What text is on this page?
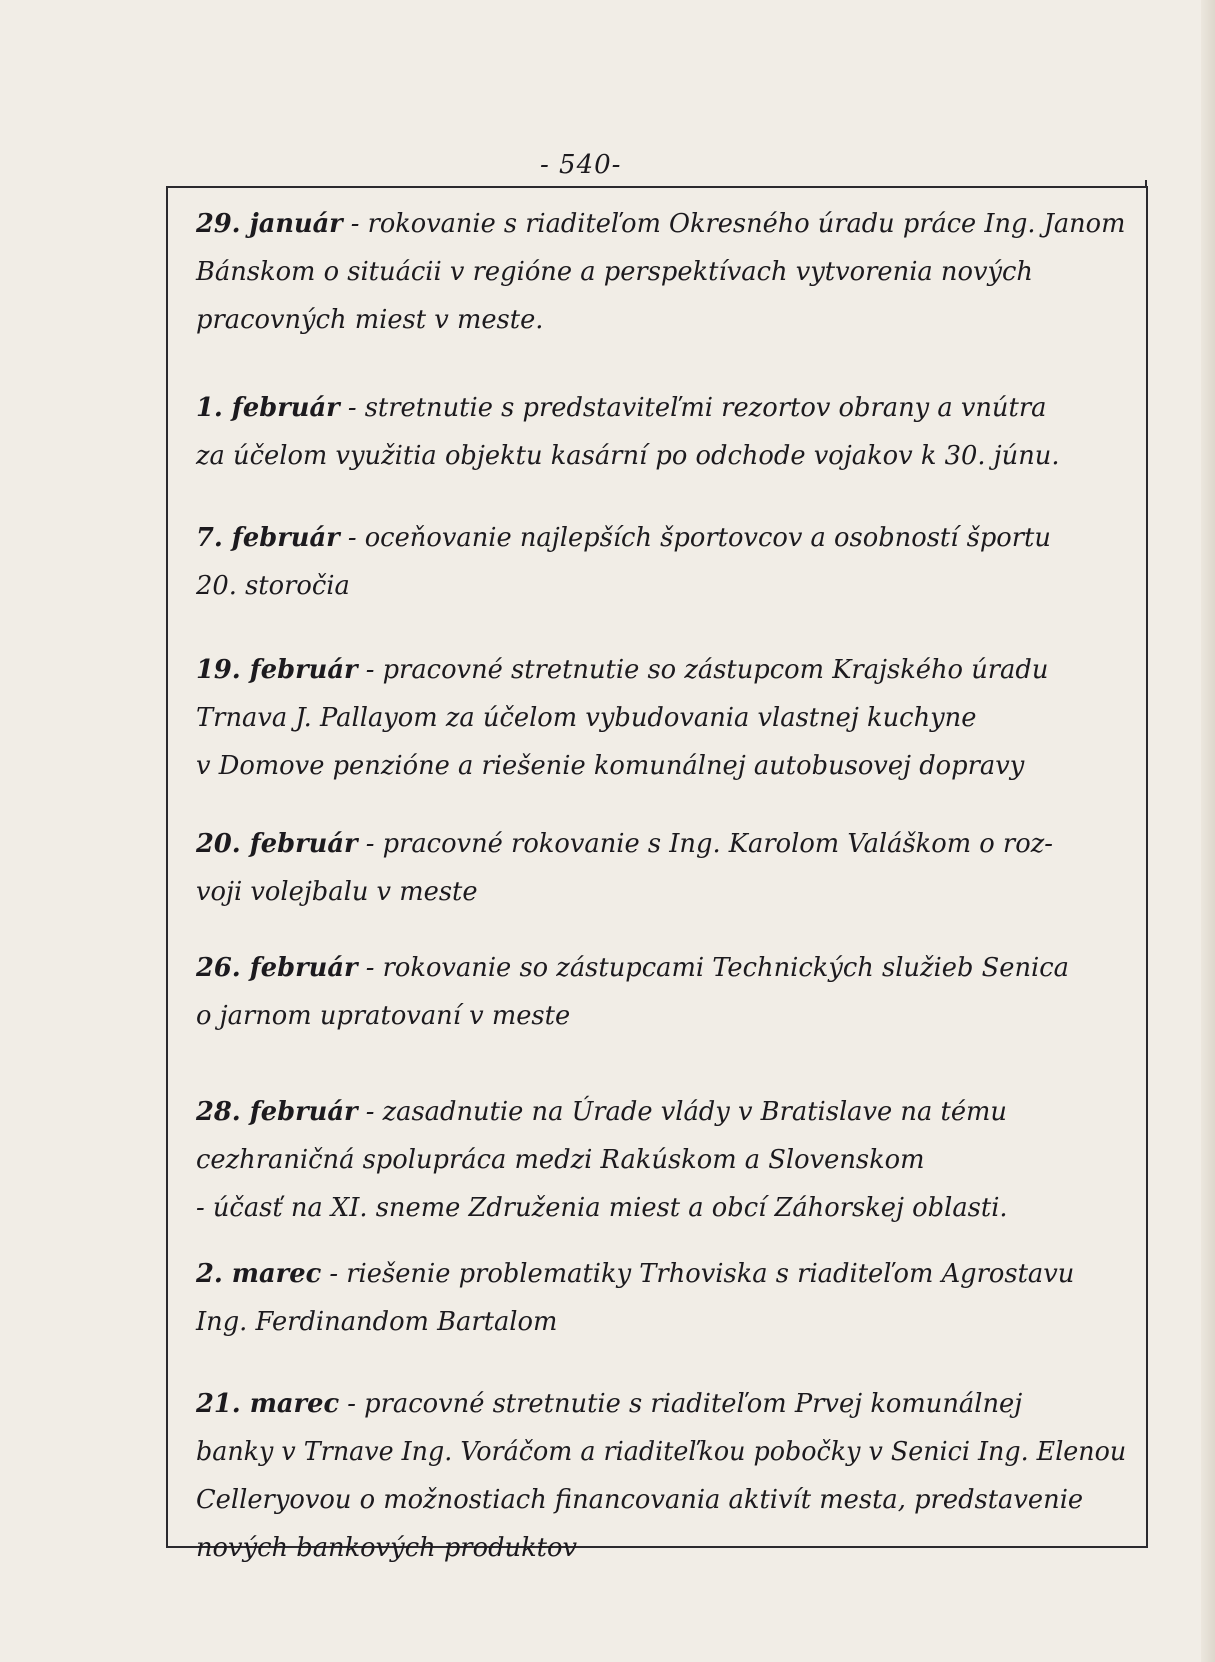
- 540-
29. január - rokovanie s riaditeľom Okresného úradu práce Ing. Janom
Bánskom o situácii v regióne a perspektívach vytvorenia nových
pracovných miest v meste.
1. február - stretnutie s predstaviteľmi rezortov obrany a vnútra
za účelom využitia objektu kasární po odchode vojakov k 30. júnu.
7. február - oceňovanie najlepších športovcov a osobností športu
20. storočia
19. február - pracovné stretnutie so zástupcom Krajského úradu
Trnava J. Pallayom za účelom vybudovania vlastnej kuchyne
v Domove penzióne a riešenie komunálnej autobusovej dopravy
20. február - pracovné rokovanie s Ing. Karolom Valáškom o roz-
voji volejbalu v meste
26. február - rokovanie so zástupcami Technických služieb Senica
o jarnom upratovaní v meste
28. február - zasadnutie na Úrade vlády v Bratislave na tému
cezhraničná spolupráca medzi Rakúskom a Slovenskom
- účasť na XI. sneme Združenia miest a obcí Záhorskej oblasti.
2. marec - riešenie problematiky Trhoviska s riaditeľom Agrostavu
Ing. Ferdinandom Bartalom
21. marec - pracovné stretnutie s riaditeľom Prvej komunálnej
banky v Trnave Ing. Voráčom a riaditeľkou pobočky v Senici Ing. Elenou
Celleryovou o možnostiach financovania aktivít mesta, predstavenie
nových bankových produktov
